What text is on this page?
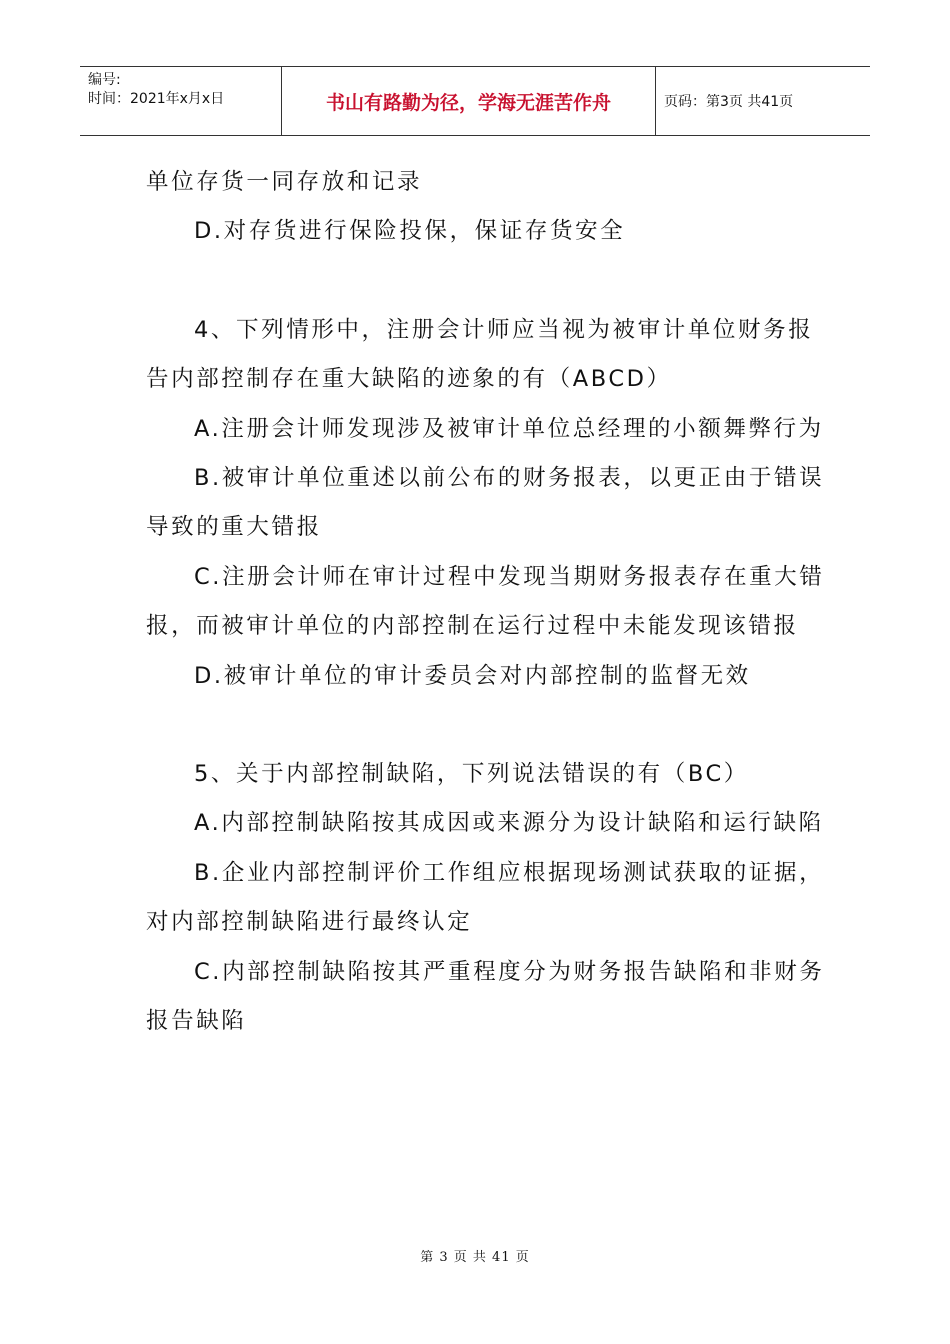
编号:
时间：2021年x月x日	书山有路勤为径，学海无涯苦作舟	页码：第3页 共41页

单位存货一同存放和记录

D.对存货进行保险投保，保证存货安全

4、下列情形中，注册会计师应当视为被审计单位财务报告内部控制存在重大缺陷的迹象的有（ABCD）

A.注册会计师发现涉及被审计单位总经理的小额舞弊行为

B.被审计单位重述以前公布的财务报表，以更正由于错误导致的重大错报

C.注册会计师在审计过程中发现当期财务报表存在重大错报，而被审计单位的内部控制在运行过程中未能发现该错报

D.被审计单位的审计委员会对内部控制的监督无效

5、关于内部控制缺陷，下列说法错误的有（BC）

A.内部控制缺陷按其成因或来源分为设计缺陷和运行缺陷

B.企业内部控制评价工作组应根据现场测试获取的证据，对内部控制缺陷进行最终认定

C.内部控制缺陷按其严重程度分为财务报告缺陷和非财务报告缺陷

第 3 页 共 41 页
